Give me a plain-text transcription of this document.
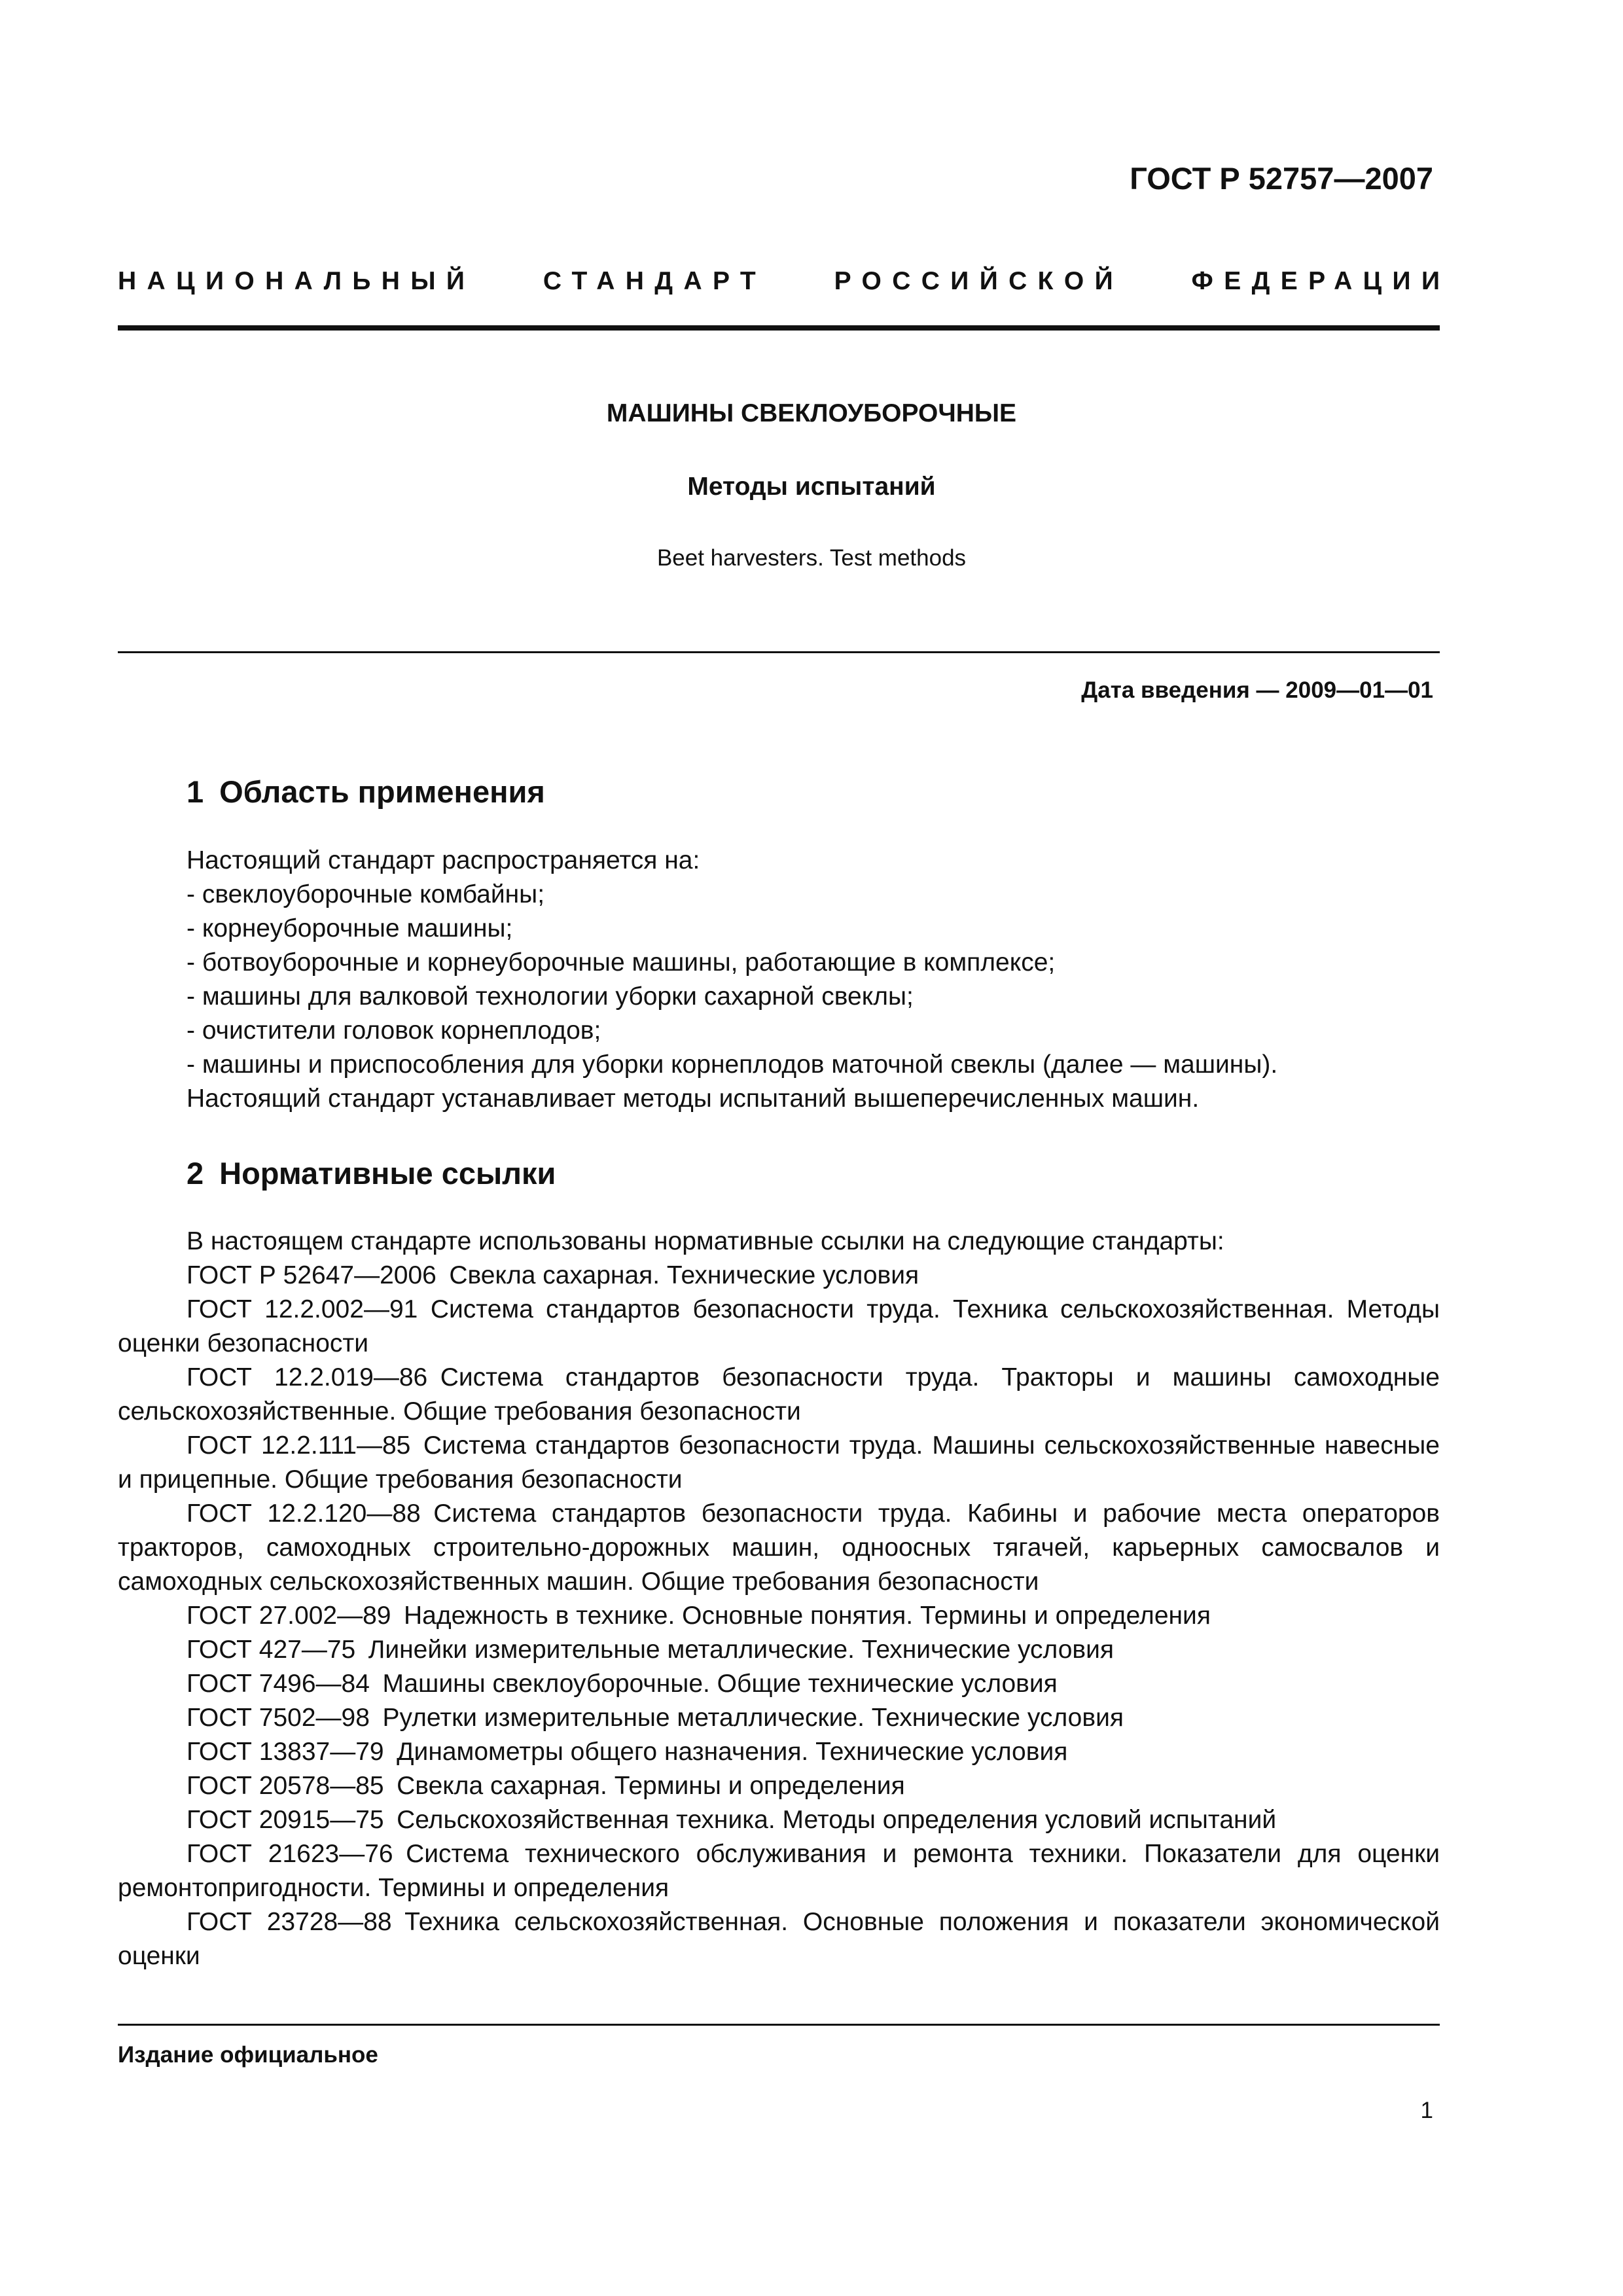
ГОСТ Р 52757—2007
НАЦИОНАЛЬНЫЙ	СТАНДАРТ	РОССИЙСКОЙ	ФЕДЕРАЦИИ
МАШИНЫ СВЕКЛОУБОРОЧНЫЕ
Методы испытаний
Beet harvesters. Test methods
Дата введения — 2009—01—01
1 Область применения
Настоящий стандарт распространяется на:
- свеклоуборочные комбайны;
- корнеуборочные машины;
- ботвоуборочные и корнеуборочные машины, работающие в комплексе;
- машины для валковой технологии уборки сахарной свеклы;
- очистители головок корнеплодов;
- машины и приспособления для уборки корнеплодов маточной свеклы (далее — машины).
Настоящий стандарт устанавливает методы испытаний вышеперечисленных машин.
2 Нормативные ссылки
В настоящем стандарте использованы нормативные ссылки на следующие стандарты:

ГОСТ Р 52647—2006 Свекла сахарная. Технические условия

ГОСТ 12.2.002—91 Система стандартов безопасности труда. Техника сельскохозяйственная. Методы оценки безопасности

ГОСТ 12.2.019—86 Система стандартов безопасности труда. Тракторы и машины самоходные сельскохозяйственные. Общие требования безопасности

ГОСТ 12.2.111—85 Система стандартов безопасности труда. Машины сельскохозяйственные навесные и прицепные. Общие требования безопасности

ГОСТ 12.2.120—88 Система стандартов безопасности труда. Кабины и рабочие места операторов тракторов, самоходных строительно-дорожных машин, одноосных тягачей, карьерных самосвалов и самоходных сельскохозяйственных машин. Общие требования безопасности

ГОСТ 27.002—89 Надежность в технике. Основные понятия. Термины и определения

ГОСТ 427—75 Линейки измерительные металлические. Технические условия

ГОСТ 7496—84 Машины свеклоуборочные. Общие технические условия

ГОСТ 7502—98 Рулетки измерительные металлические. Технические условия

ГОСТ 13837—79 Динамометры общего назначения. Технические условия

ГОСТ 20578—85 Свекла сахарная. Термины и определения

ГОСТ 20915—75 Сельскохозяйственная техника. Методы определения условий испытаний

ГОСТ 21623—76 Система технического обслуживания и ремонта техники. Показатели для оценки ремонтопригодности. Термины и определения

ГОСТ 23728—88 Техника сельскохозяйственная. Основные положения и показатели экономической оценки

Издание официальное
1
